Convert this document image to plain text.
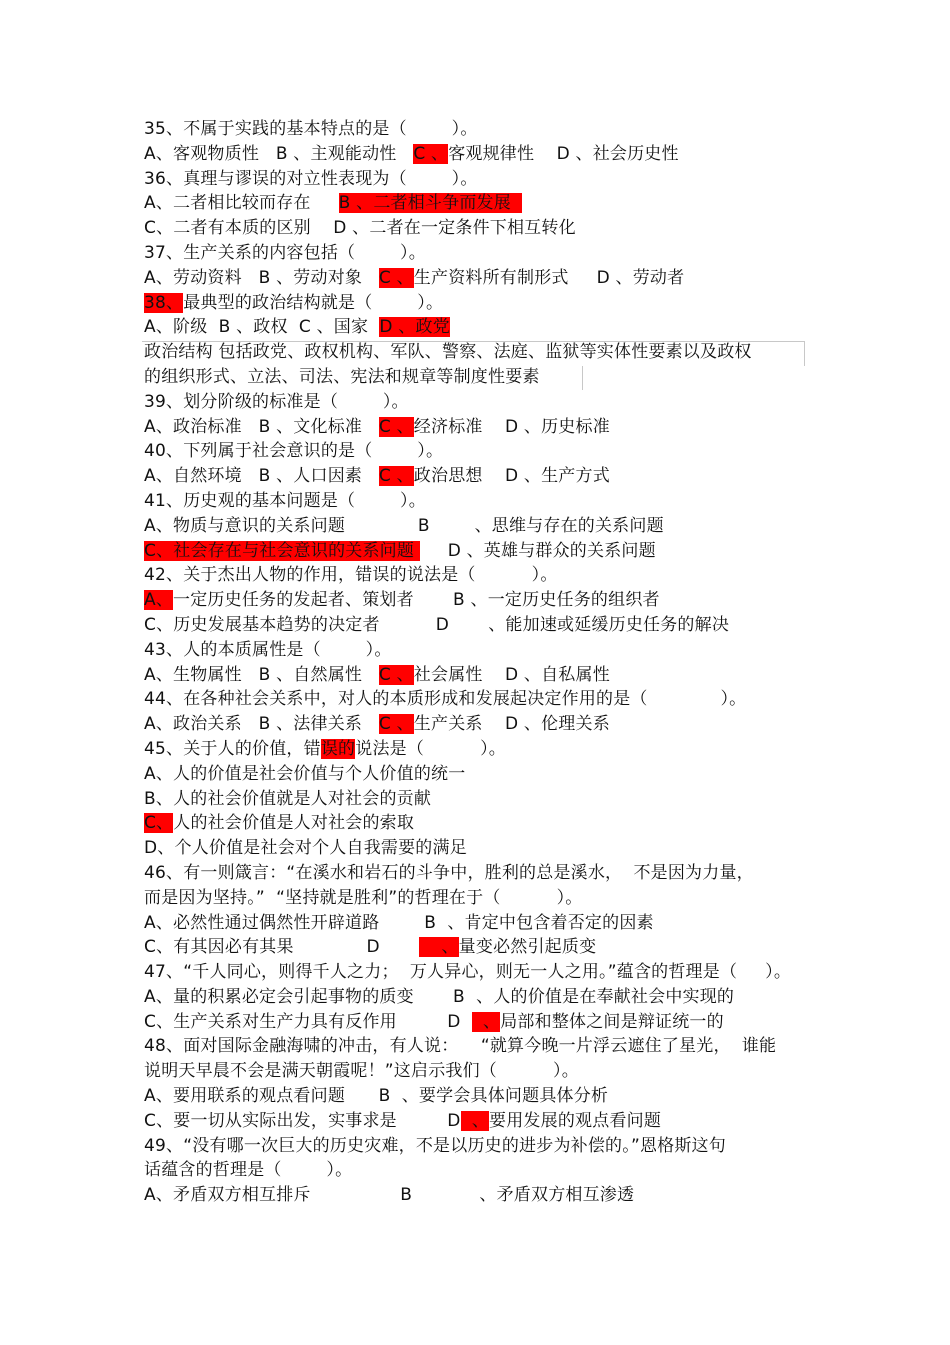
35、不属于实践的基本特点的是（        ）。
A、客观物质性   B 、主观能动性   C 、客观规律性    D 、社会历史性
36、真理与谬误的对立性表现为（        ）。
A、二者相比较而存在     B 、二者相斗争而发展
C、二者有本质的区别    D 、二者在一定条件下相互转化
37、生产关系的内容包括（        ）。
A、劳动资料   B 、劳动对象   C 、生产资料所有制形式     D 、劳动者
38、最典型的政治结构就是（        ）。
A、阶级  B 、政权  C 、国家  D 、政党
政治结构 包括政党、政权机构、军队、警察、法庭、监狱等实体性要素以及政权
的组织形式、立法、司法、宪法和规章等制度性要素
39、划分阶级的标准是（        ）。
A、政治标准   B 、文化标准   C 、经济标准    D 、历史标准
40、下列属于社会意识的是（        ）。
A、自然环境   B 、人口因素   C 、政治思想    D 、生产方式
41、历史观的基本问题是（        ）。
A、物质与意识的关系问题             B        、思维与存在的关系问题
C、社会存在与社会意识的关系问题      D 、英雄与群众的关系问题
42、关于杰出人物的作用，错误的说法是（          ）。
A、一定历史任务的发起者、策划者       B 、一定历史任务的组织者
C、历史发展基本趋势的决定者          D       、能加速或延缓历史任务的解决
43、人的本质属性是（        ）。
A、生物属性   B 、自然属性   C 、社会属性    D 、自私属性
44、在各种社会关系中，对人的本质形成和发展起决定作用的是（             ）。
A、政治关系   B 、法律关系   C 、生产关系    D 、伦理关系
45、关于人的价值，错误的说法是（          ）。
A、人的价值是社会价值与个人价值的统一
B、人的社会价值就是人对社会的贡献
C、人的社会价值是人对社会的索取
D、个人价值是社会对个人自我需要的满足
46、有一则箴言：“在溪水和岩石的斗争中，胜利的总是溪水，  不是因为力量，
而是因为坚持。”  “坚持就是胜利”的哲理在于（          ）。
A、必然性通过偶然性开辟道路        B  、肯定中包含着否定的因素
C、有其因必有其果             D           、量变必然引起质变
47、“千人同心，则得千人之力；  万人异心，则无一人之用。”蕴含的哲理是（     ）。
A、量的积累必定会引起事物的质变       B  、人的价值是在奉献社会中实现的
C、生产关系对生产力具有反作用         D    、局部和整体之间是辩证统一的
48、面对国际金融海啸的冲击，有人说：    “就算今晚一片浮云遮住了星光，  谁能
说明天早晨不会是满天朝霞呢！”这启示我们（          ）。
A、要用联系的观点看问题      B  、要学会具体问题具体分析
C、要一切从实际出发，实事求是         D  、要用发展的观点看问题
49、“没有哪一次巨大的历史灾难，不是以历史的进步为补偿的。”恩格斯这句
话蕴含的哲理是（        ）。
A、矛盾双方相互排斥                B            、矛盾双方相互渗透
